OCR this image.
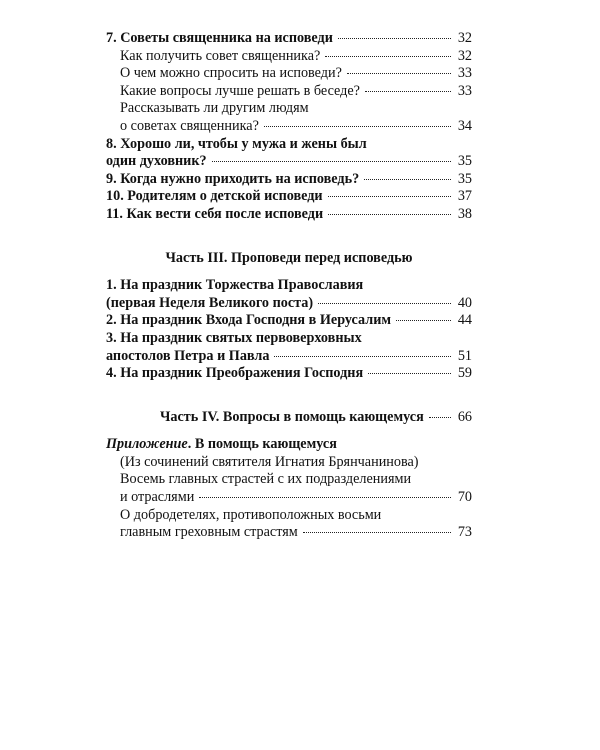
7. Советы священника на исповеди	32
Как получить совет священника?	32
О чем можно спросить на исповеди?	33
Какие вопросы лучше решать в беседе?	33
Рассказывать ли другим людям
о советах священника?	34
8. Хорошо ли, чтобы у мужа и жены был
один духовник?	35
9. Когда нужно приходить на исповедь?	35
10. Родителям о детской исповеди	37
11. Как вести себя после исповеди	38
Часть III. Проповеди перед исповедью
1. На праздник Торжества Православия
(первая Неделя Великого поста)	40
2. На праздник Входа Господня в Иерусалим	44
3. На праздник святых первоверховных
апостолов Петра и Павла	51
4. На праздник Преображения Господня	59
Часть IV. Вопросы в помощь кающемуся 66
Приложение. В помощь кающемуся
(Из сочинений святителя Игнатия Брянчанинова)
Восемь главных страстей с их подразделениями
и отраслями	70
О добродетелях, противоположных восьми
главным греховным страстям	73
